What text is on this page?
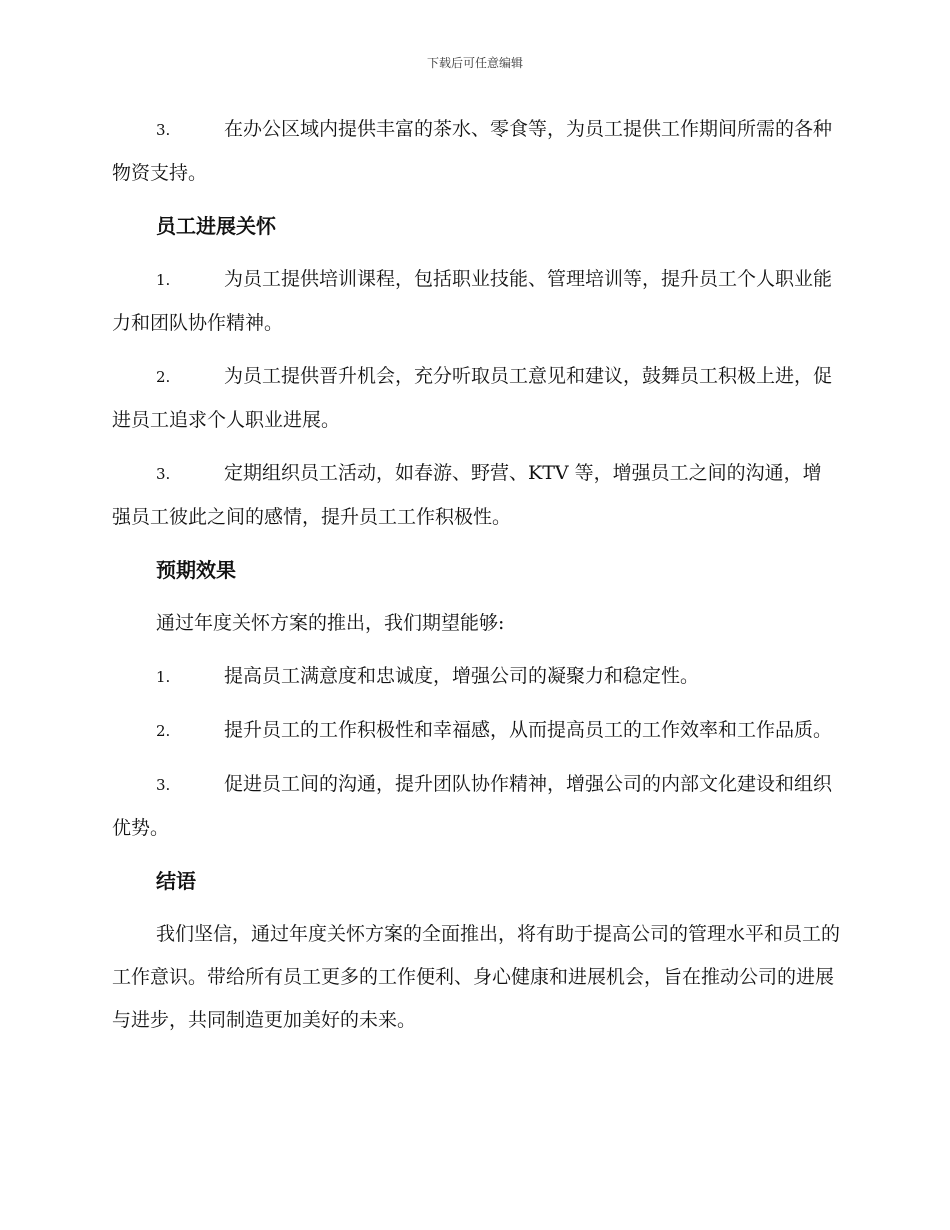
下载后可任意编辑

3.	在办公区域内提供丰富的茶水、零食等，为员工提供工作期间所需的各种物资支持。

员工进展关怀

1.	为员工提供培训课程，包括职业技能、管理培训等，提升员工个人职业能力和团队协作精神。

2.	为员工提供晋升机会，充分听取员工意见和建议，鼓舞员工积极上进，促进员工追求个人职业进展。

3.	定期组织员工活动，如春游、野营、KTV 等，增强员工之间的沟通，增强员工彼此之间的感情，提升员工工作积极性。

预期效果

通过年度关怀方案的推出，我们期望能够:

1.	提高员工满意度和忠诚度，增强公司的凝聚力和稳定性。

2.	提升员工的工作积极性和幸福感，从而提高员工的工作效率和工作品质。

3.	促进员工间的沟通，提升团队协作精神，增强公司的内部文化建设和组织优势。

结语

我们坚信，通过年度关怀方案的全面推出，将有助于提高公司的管理水平和员工的工作意识。带给所有员工更多的工作便利、身心健康和进展机会，旨在推动公司的进展与进步，共同制造更加美好的未来。
